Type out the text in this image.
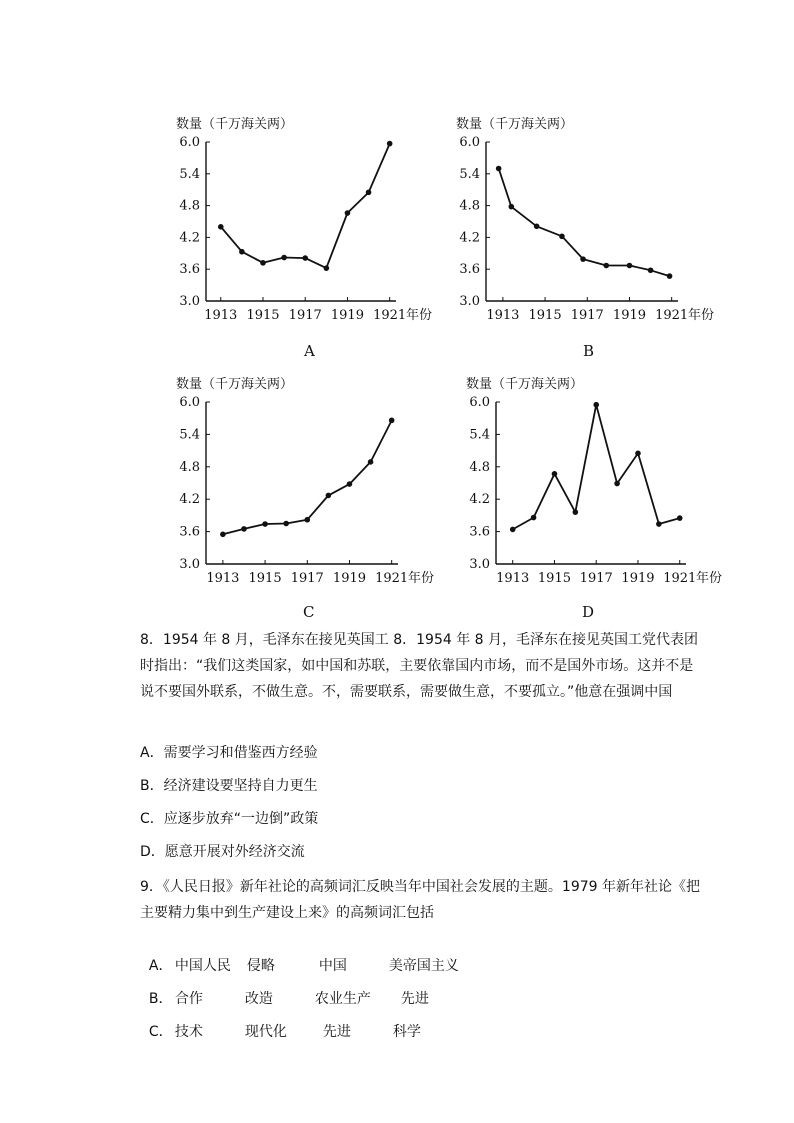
数量（千万海关两）
6.0
5.4
4.8
4.2
3.6
3.0
1913 1915 1917 1919 1921 年份
A
数量（千万海关两）
6.0
5.4
4.8
4.2
3.6
3.0
1913 1915 1917 1919 1921 年份
B
数量（千万海关两）
6.0
5.4
4.8
4.2
3.6
3.0
1913 1915 1917 1919 1921 年份
C
数量（千万海关两）
6.0
5.4
4.8
4.2
3.6
3.0
1913 1915 1917 1919 1921 年份
D
8．1954 年 8 月，毛泽东在接见英国工 8．1954 年 8 月，毛泽东在接见英国工党代表团时指出：“我们这类国家，如中国和苏联，主要依靠国内市场，而不是国外市场。这并不是说不要国外联系，不做生意。不，需要联系，需要做生意，不要孤立。”他意在强调中国
A．需要学习和借鉴西方经验
B．经济建设要坚持自力更生
C．应逐步放弃“一边倒”政策
D．愿意开展对外经济交流
9．《人民日报》新年社论的高频词汇反映当年中国社会发展的主题。1979 年新年社论《把主要精力集中到生产建设上来》的高频词汇包括

A． 中国人民 侵略	中国	美帝国主义

B． 合作	改造	农业生产 先进

C． 技术	现代化	先进	科学
